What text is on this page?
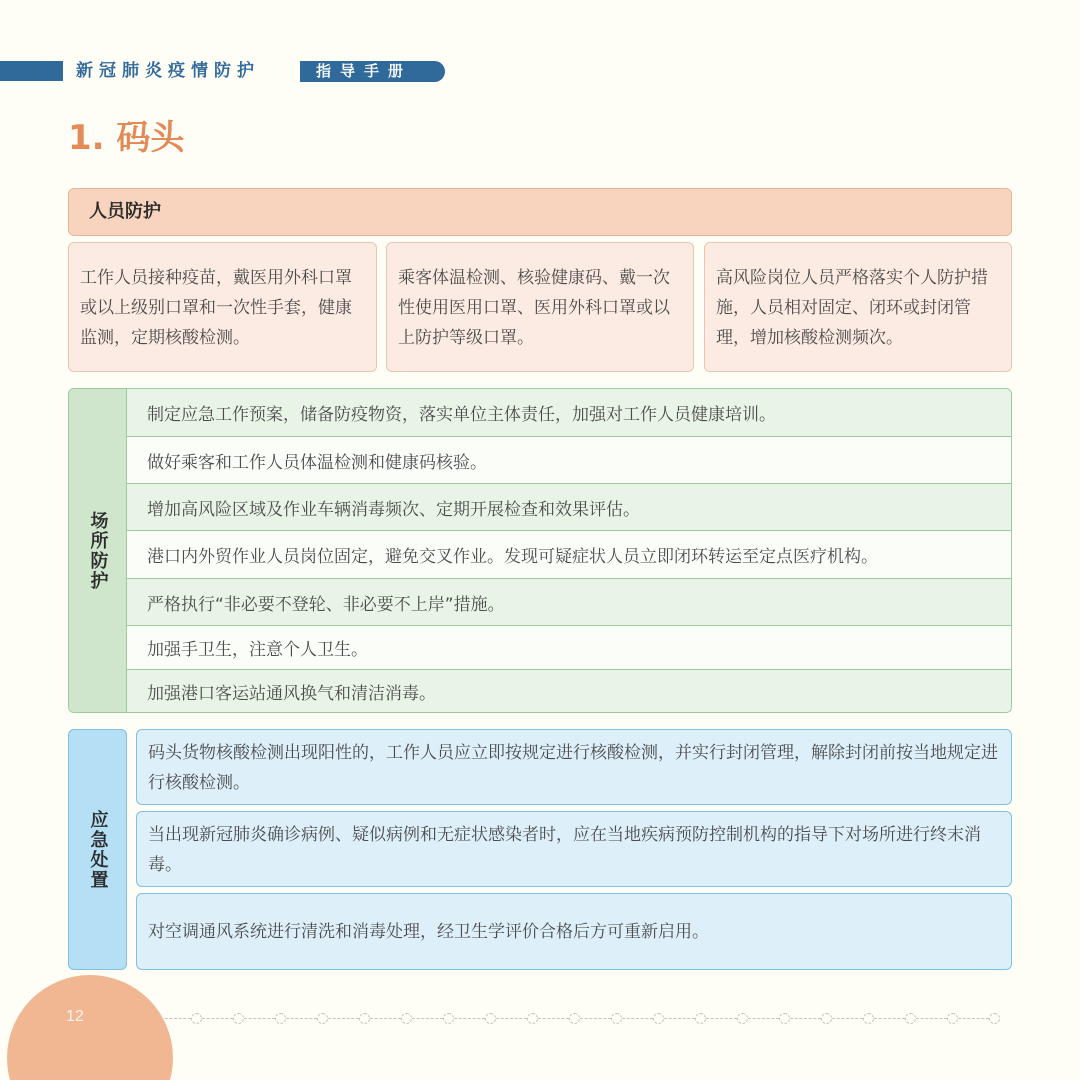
新冠肺炎疫情防护	指导手册
1. 码头
人员防护
工作人员接种疫苗，戴医用外科口罩或以上级别口罩和一次性手套，健康监测，定期核酸检测。
乘客体温检测、核验健康码、戴一次性使用医用口罩、医用外科口罩或以上防护等级口罩。
高风险岗位人员严格落实个人防护措施，人员相对固定、闭环或封闭管理，增加核酸检测频次。
场所防护
制定应急工作预案，储备防疫物资，落实单位主体责任，加强对工作人员健康培训。
做好乘客和工作人员体温检测和健康码核验。
增加高风险区域及作业车辆消毒频次、定期开展检查和效果评估。
港口内外贸作业人员岗位固定，避免交叉作业。发现可疑症状人员立即闭环转运至定点医疗机构。
严格执行“非必要不登轮、非必要不上岸”措施。
加强手卫生，注意个人卫生。
加强港口客运站通风换气和清洁消毒。
应急处置
码头货物核酸检测出现阳性的，工作人员应立即按规定进行核酸检测，并实行封闭管理，解除封闭前按当地规定进行核酸检测。
当出现新冠肺炎确诊病例、疑似病例和无症状感染者时，应在当地疾病预防控制机构的指导下对场所进行终末消毒。
对空调通风系统进行清洗和消毒处理，经卫生学评价合格后方可重新启用。
12
